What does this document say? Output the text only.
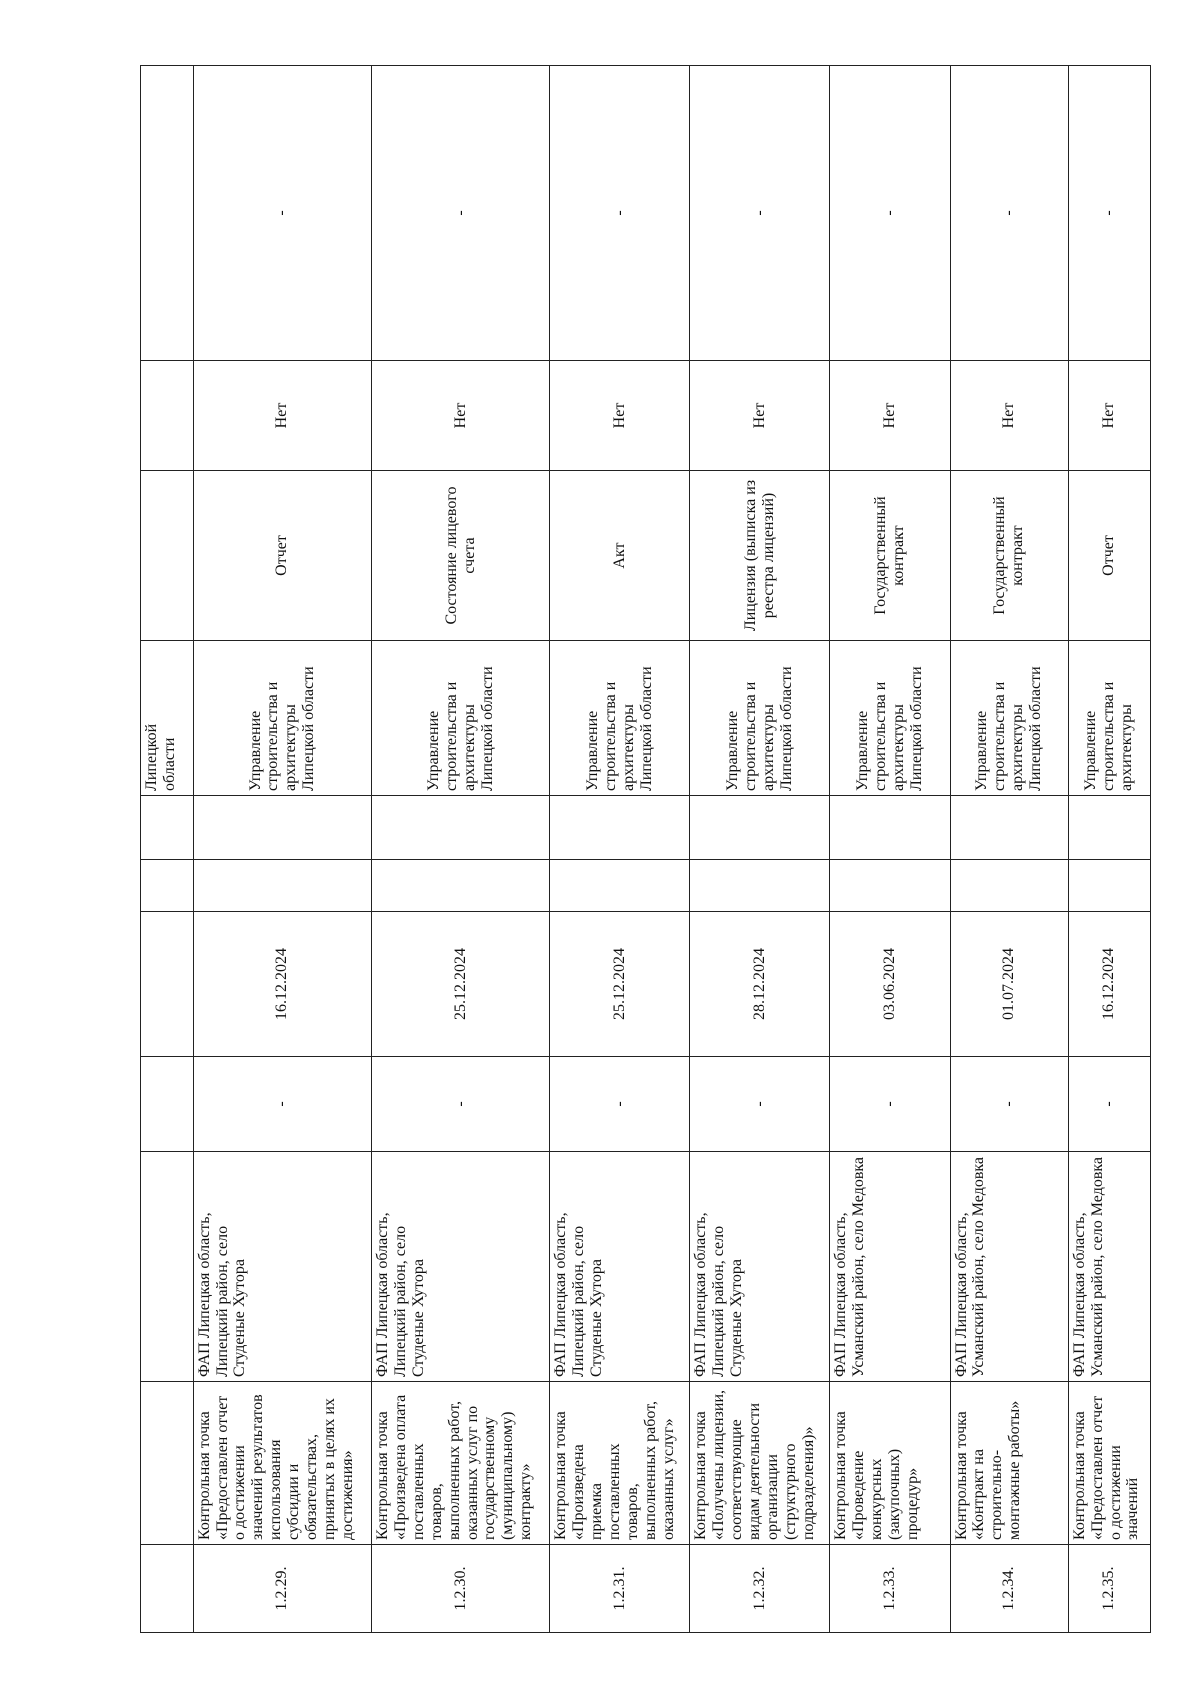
							Липецкой
области			
1.2.29.	Контрольная точка «Предоставлен отчет о достижении значений результатов использования субсидии и обязательствах, принятых в целях их достижения»	ФАП Липецкая область, Липецкий район, село Студеные Хутора	-	16.12.2024			Управление строительства и архитектуры Липецкой области	Отчет	Нет	-
1.2.30.	Контрольная точка «Произведена оплата поставленных товаров, выполненных работ, оказанных услуг по государственному (муниципальному) контракту»	ФАП Липецкая область, Липецкий район, село Студеные Хутора	-	25.12.2024			Управление строительства и архитектуры Липецкой области	Состояние лицевого счета	Нет	-
1.2.31.	Контрольная точка «Произведена приемка поставленных товаров, выполненных работ, оказанных услуг»	ФАП Липецкая область, Липецкий район, село Студеные Хутора	-	25.12.2024			Управление строительства и архитектуры Липецкой области	Акт	Нет	-
1.2.32.	Контрольная точка «Получены лицензии, соответствующие видам деятельности организации (структурного подразделения)»	ФАП Липецкая область, Липецкий район, село Студеные Хутора	-	28.12.2024			Управление строительства и архитектуры Липецкой области	Лицензия (выписка из реестра лицензий)	Нет	-
1.2.33.	Контрольная точка «Проведение конкурсных (закупочных) процедур»	ФАП Липецкая область, Усманский район, село Медовка	-	03.06.2024			Управление строительства и архитектуры Липецкой области	Государственный контракт	Нет	-
1.2.34.	Контрольная точка «Контракт на строительно-монтажные работы»	ФАП Липецкая область, Усманский район, село Медовка	-	01.07.2024			Управление строительства и архитектуры Липецкой области	Государственный контракт	Нет	-
1.2.35.	Контрольная точка «Предоставлен отчет о достижении значений	ФАП Липецкая область, Усманский район, село Медовка	-	16.12.2024			Управление строительства и архитектуры	Отчет	Нет	-
